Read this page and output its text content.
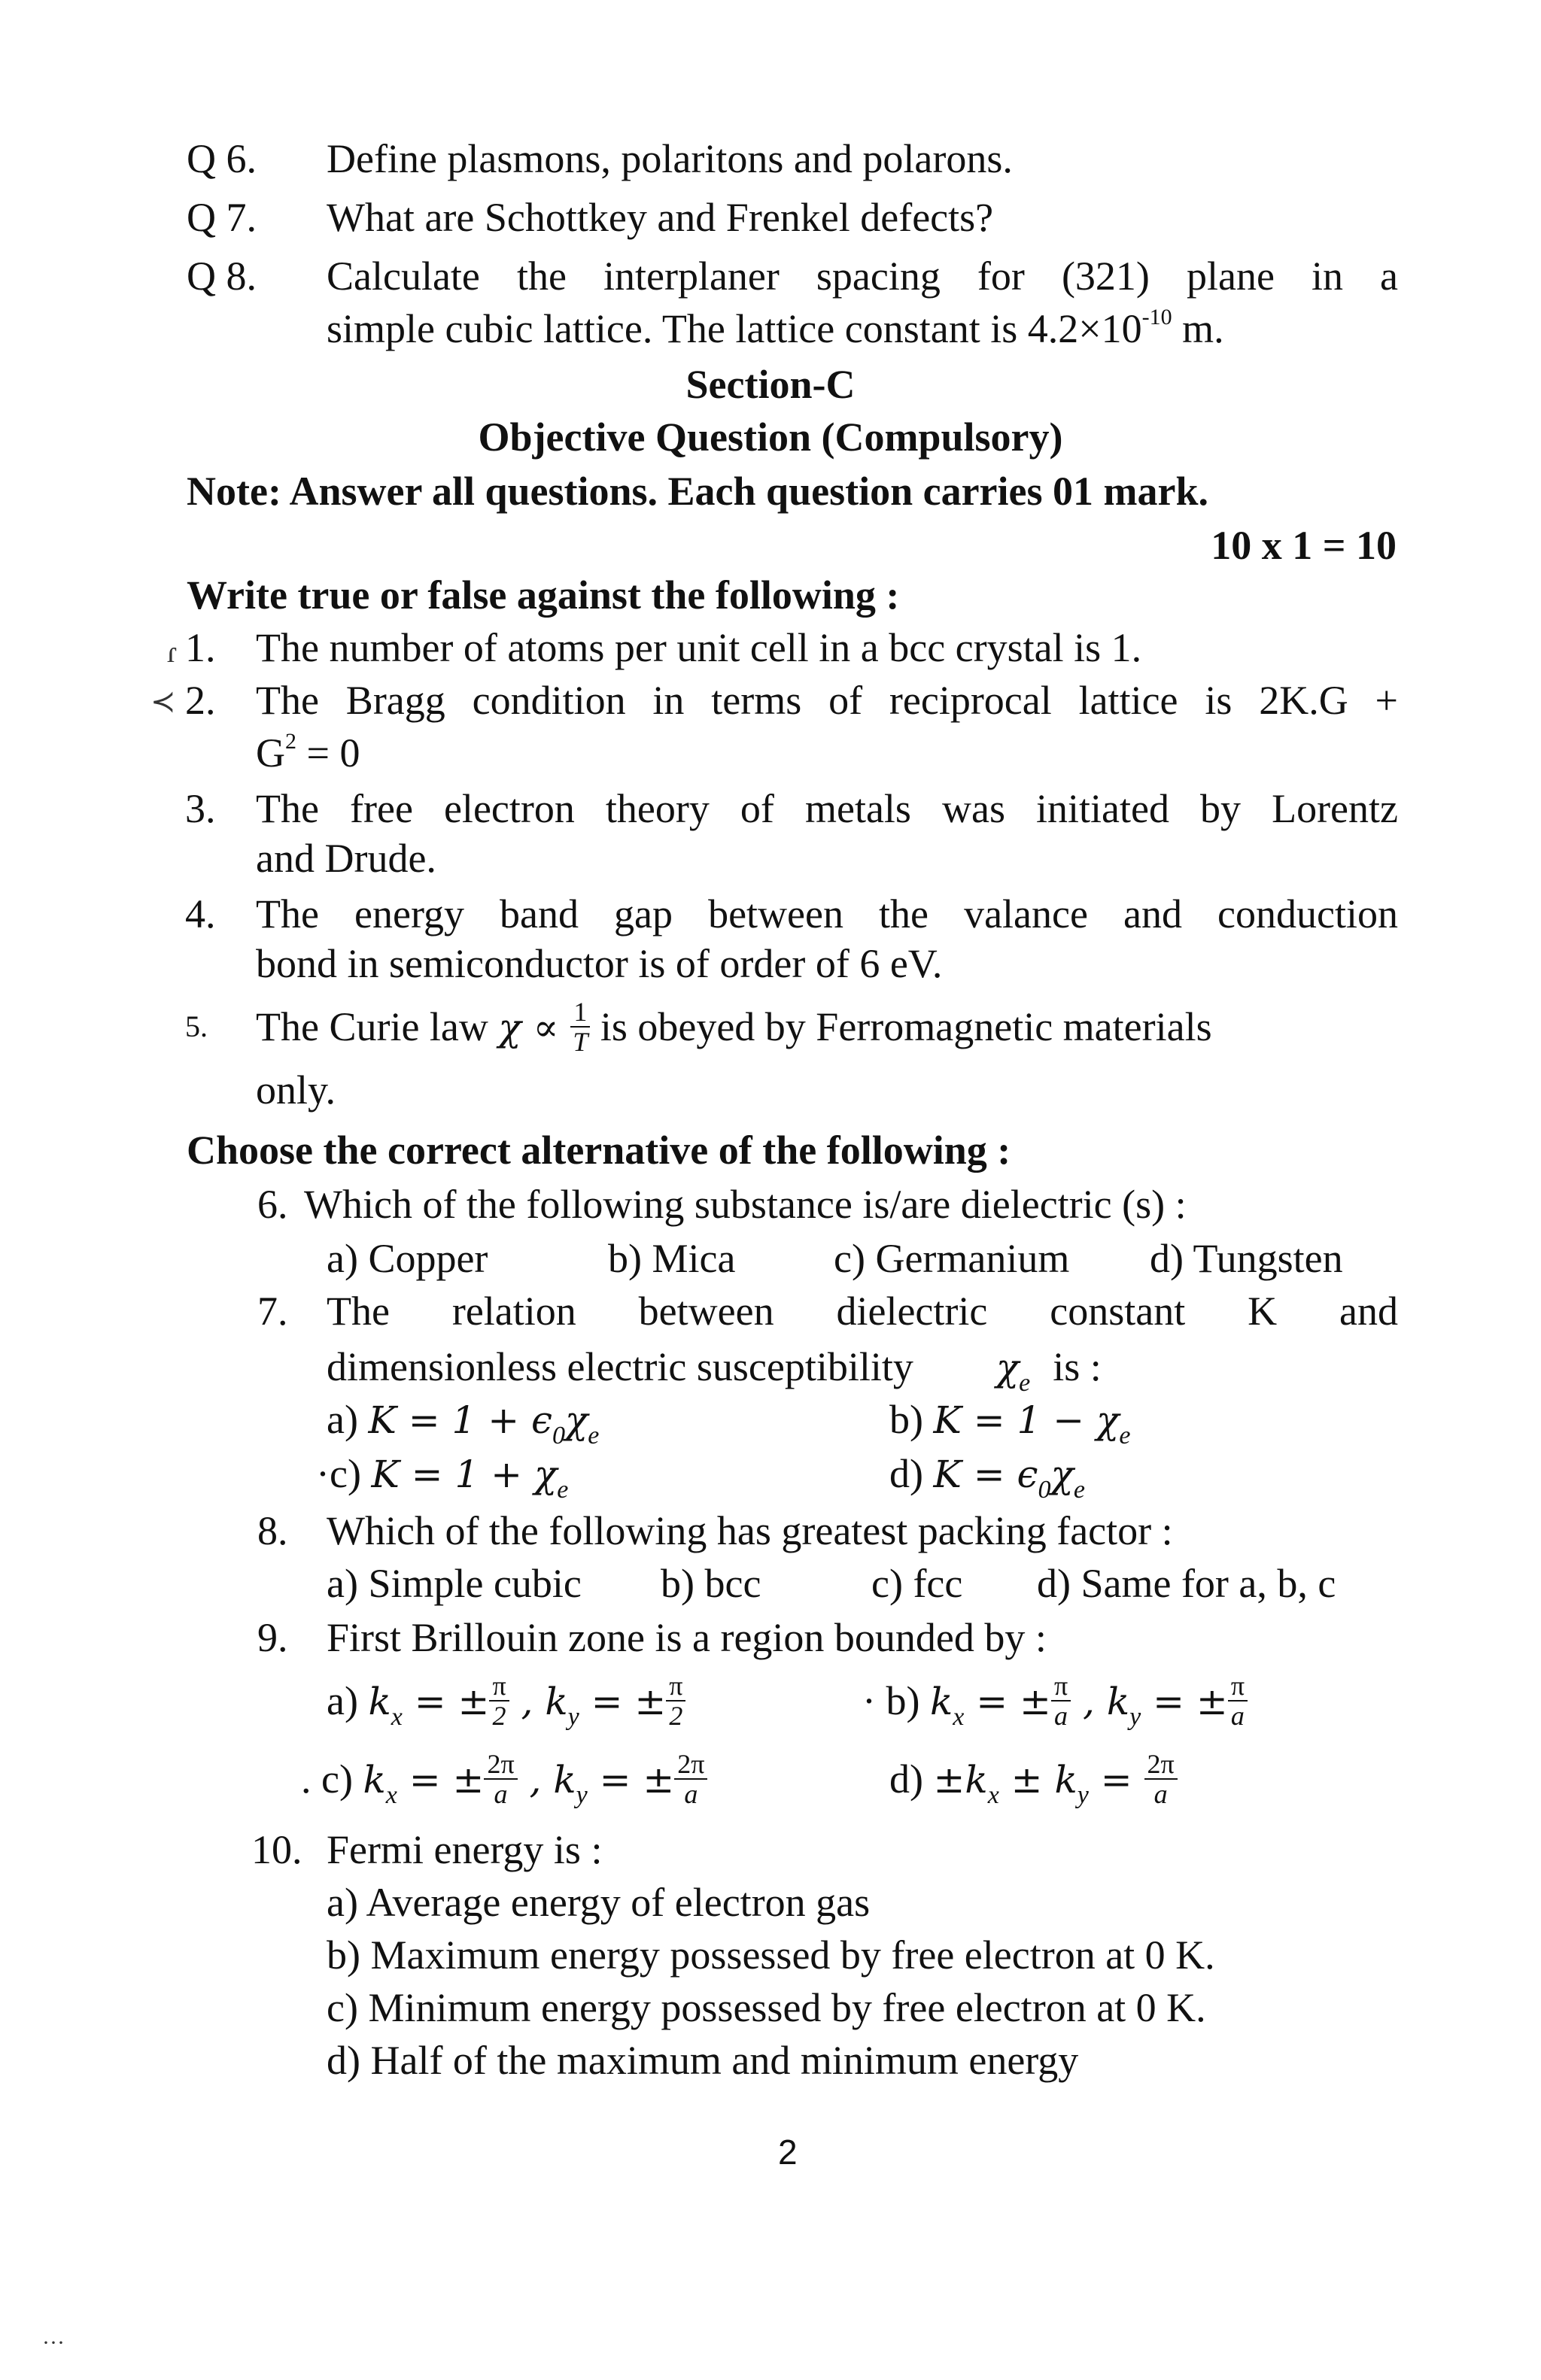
Q 6. Define plasmons, polaritons and polarons.
Q 7. What are Schottkey and Frenkel defects?
Q 8. Calculate the interplaner spacing for (321) plane in a
simple cubic lattice. The lattice constant is $4.2\times 10^{-10}$ m.
Section-C
Objective Question (Compulsory)
Note: Answer all questions. Each question carries 01 mark.
10 x 1 = 10
Write true or false against the following :
ɾ 1. The number of atoms per unit cell in a bcc crystal is 1.
≺ 2. The Bragg condition in terms of reciprocal lattice is 2K.G +
$G^2 = 0$
3. The free electron theory of metals was initiated by Lorentz
and Drude.
4. The energy band gap between the valance and conduction
bond in semiconductor is of order of 6 eV.
5. The Curie law $\chi \propto \frac{1}{T}$ is obeyed by Ferromagnetic materials
only.
Choose the correct alternative of the following :
6. Which of the following substance is/are dielectric (s) :
a) Copper	b) Mica c) Germanium d) Tungsten
7. The relation between dielectric constant K and
dimensionless electric susceptibility $\chi_e$ is :
a) $K = 1 + \epsilon_0\chi_e$	b) $K = 1 - \chi_e$
·c) $K = 1 + \chi_e$	d) $K = \epsilon_0\chi_e$
8. Which of the following has greatest packing factor :
a) Simple cubic b) bcc	c) fcc d) Same for a, b, c
9. First Brillouin zone is a region bounded by :
a) $k_x$ = ± $\frac{\pi}{2}$ , $k_y$ = ± $\frac{\pi}{2}$	· b) $k_x$ = ± $\frac{\pi}{a}$ , $k_y$ = ± $\frac{\pi}{a}$
. c) $k_x$ = ± $\frac{2\pi}{a}$ , $k_y$ = ± $\frac{2\pi}{a}$	$d) \pm k_x \pm k_y = \frac{2\pi}{a}$
10. Fermi energy is :
a) Average energy of electron gas
b) Maximum energy possessed by free electron at 0 K.
c) Minimum energy possessed by free electron at 0 K.
d) Half of the maximum and minimum energy
2
···
